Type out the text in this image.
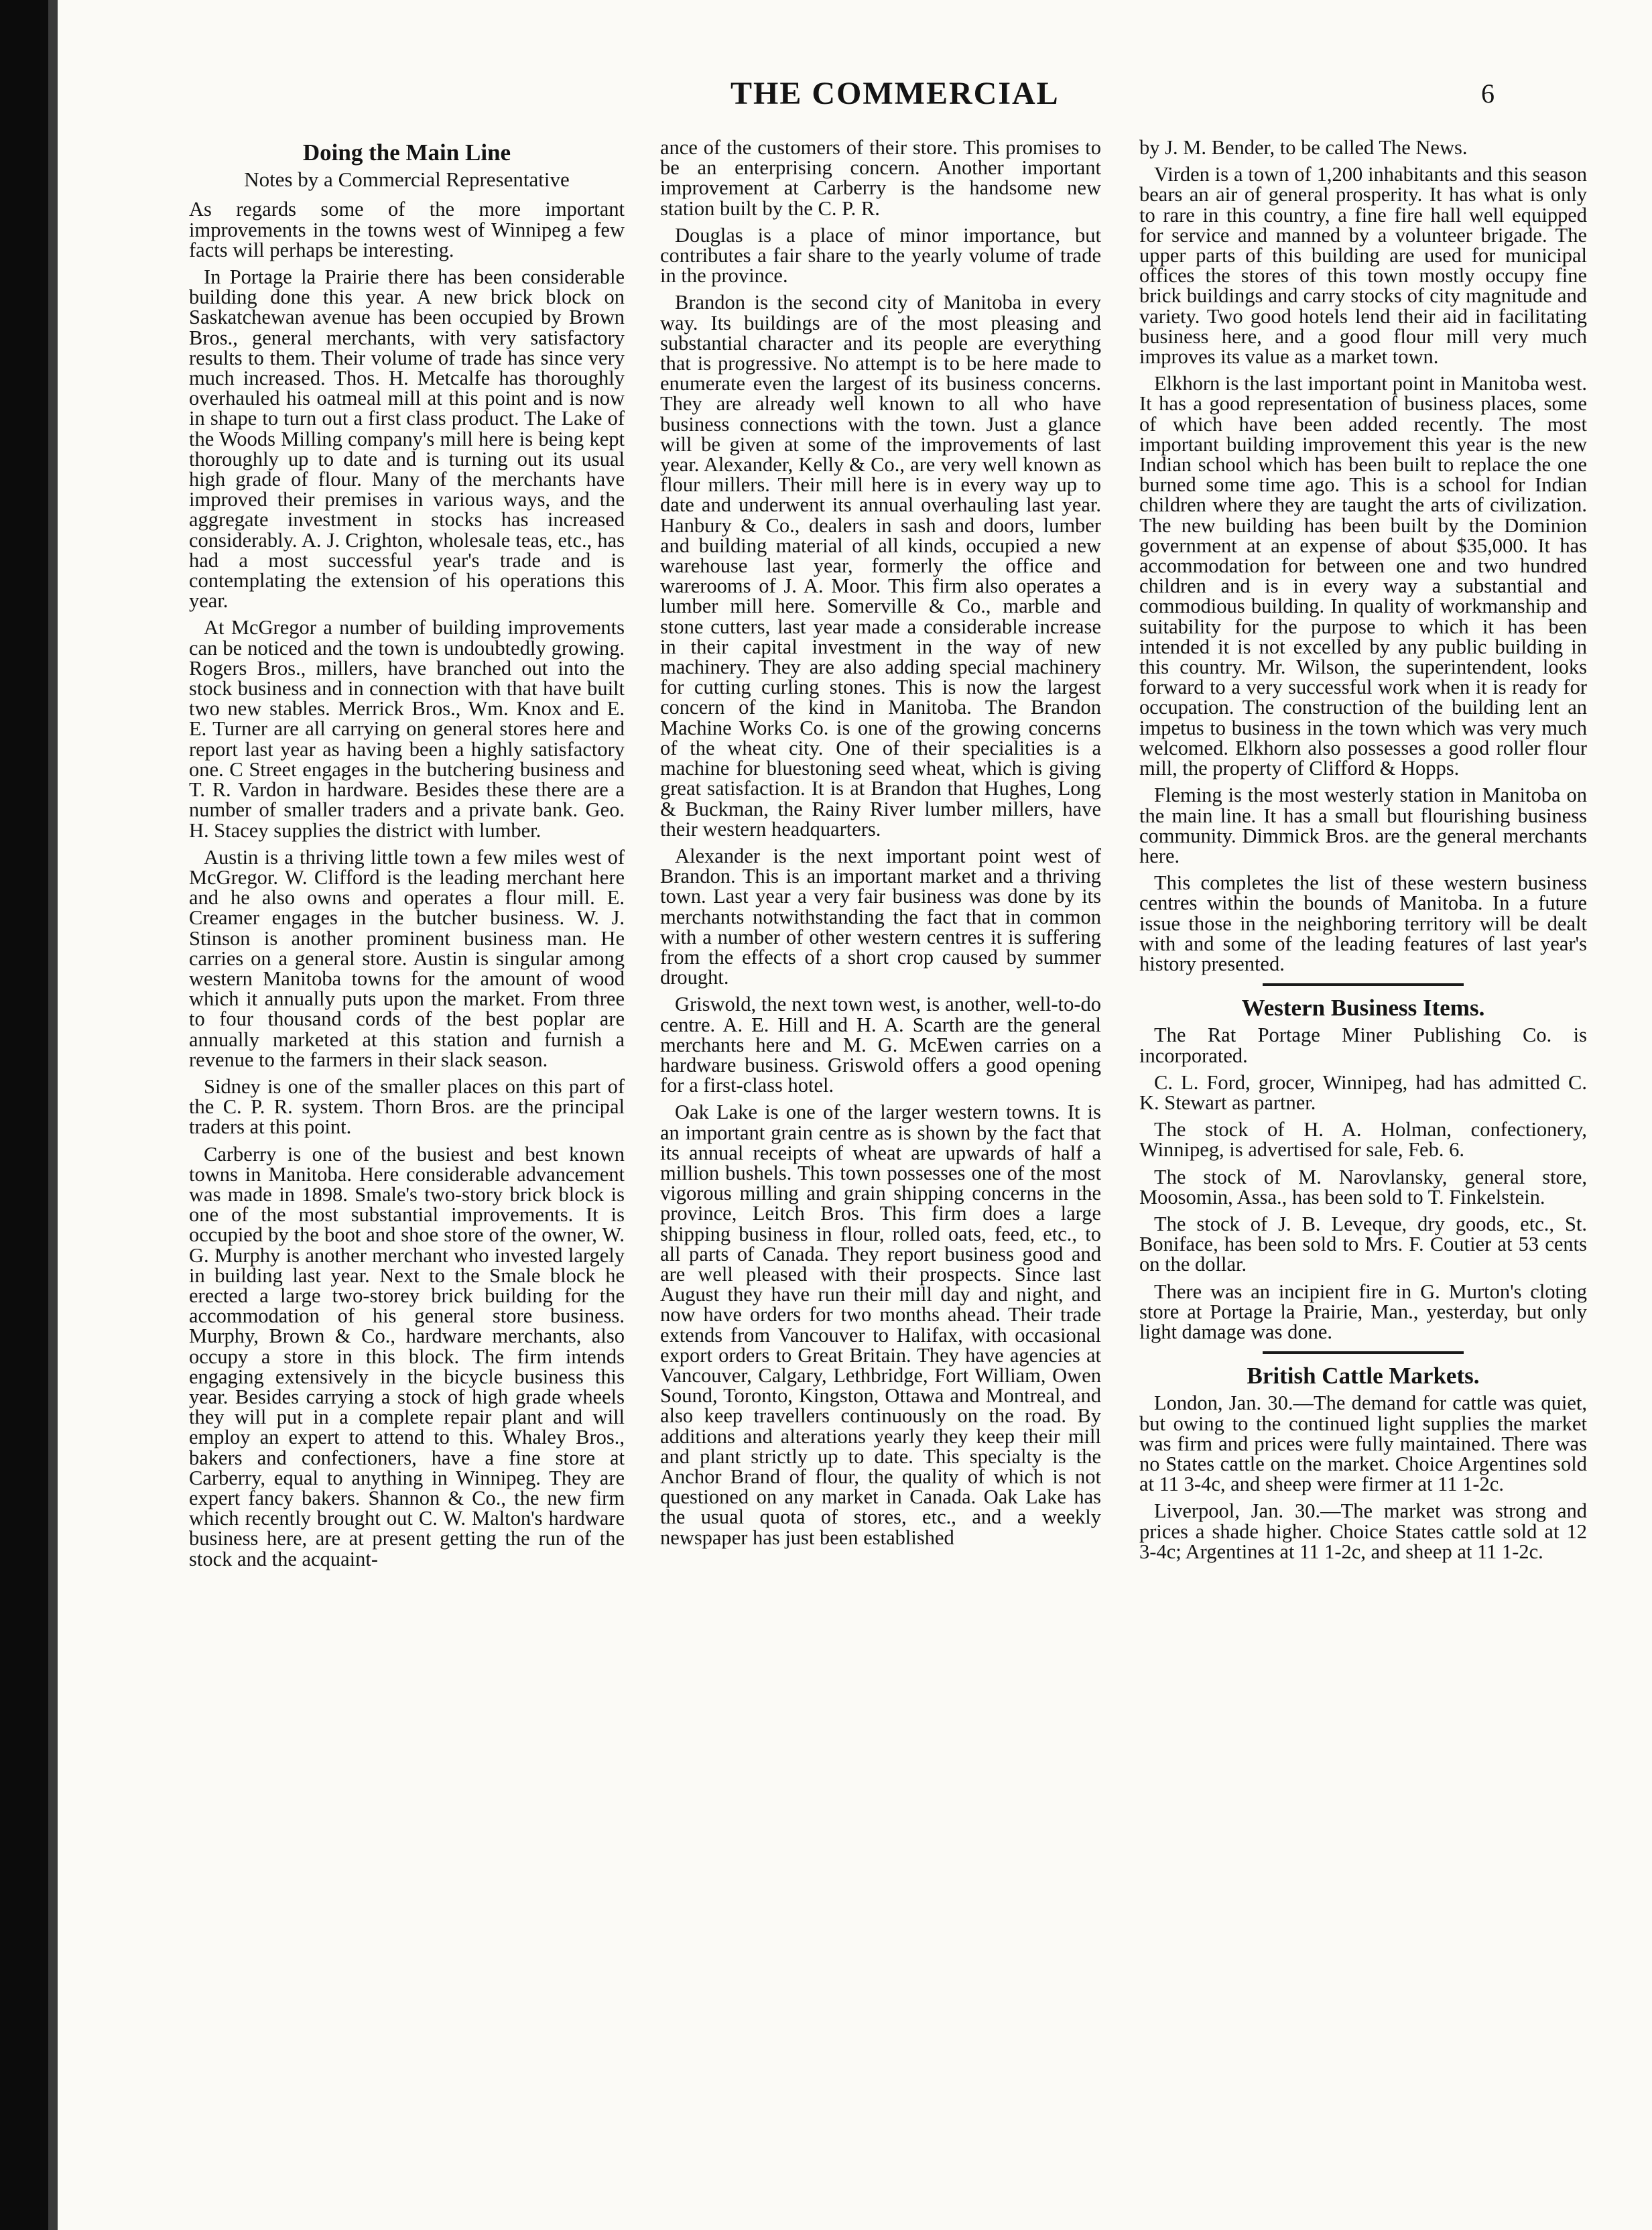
THE COMMERCIAL	6
Doing the Main Line
Notes by a Commercial Representative

As regards some of the more important improvements in the towns west of Winnipeg a few facts will perhaps be interesting.

In Portage la Prairie there has been considerable building done this year. A new brick block on Saskatchewan avenue has been occupied by Brown Bros., general merchants, with very satisfactory results to them. Their volume of trade has since very much increased. Thos. H. Metcalfe has thoroughly overhauled his oatmeal mill at this point and is now in shape to turn out a first class product. The Lake of the Woods Milling company's mill here is being kept thoroughly up to date and is turning out its usual high grade of flour. Many of the merchants have improved their premises in various ways, and the aggregate investment in stocks has increased considerably. A. J. Crighton, wholesale teas, etc., has had a most successful year's trade and is contemplating the extension of his operations this year.

At McGregor a number of building improvements can be noticed and the town is undoubtedly growing. Rogers Bros., millers, have branched out into the stock business and in connection with that have built two new stables. Merrick Bros., Wm. Knox and E. E. Turner are all carrying on general stores here and report last year as having been a highly satisfactory one. C Street engages in the butchering business and T. R. Vardon in hardware. Besides these there are a number of smaller traders and a private bank. Geo. H. Stacey supplies the district with lumber.

Austin is a thriving little town a few miles west of McGregor. W. Clifford is the leading merchant here and he also owns and operates a flour mill. E. Creamer engages in the butcher business. W. J. Stinson is another prominent business man. He carries on a general store. Austin is singular among western Manitoba towns for the amount of wood which it annually puts upon the market. From three to four thousand cords of the best poplar are annually marketed at this station and furnish a revenue to the farmers in their slack season.

Sidney is one of the smaller places on this part of the C. P. R. system. Thorn Bros. are the principal traders at this point.

Carberry is one of the busiest and best known towns in Manitoba. Here considerable advancement was made in 1898. Smale's two-story brick block is one of the most substantial improvements. It is occupied by the boot and shoe store of the owner, W. G. Murphy is another merchant who invested largely in building last year. Next to the Smale block he erected a large two-storey brick building for the accommodation of his general store business. Murphy, Brown & Co., hardware merchants, also occupy a store in this block. The firm intends engaging extensively in the bicycle business this year. Besides carrying a stock of high grade wheels they will put in a complete repair plant and will employ an expert to attend to this. Whaley Bros., bakers and confectioners, have a fine store at Carberry, equal to anything in Winnipeg. They are expert fancy bakers. Shannon & Co., the new firm which recently brought out C. W. Malton's hardware business here, are at present getting the run of the stock and the acquaint-

ance of the customers of their store. This promises to be an enterprising concern. Another important improvement at Carberry is the handsome new station built by the C. P. R.

Douglas is a place of minor importance, but contributes a fair share to the yearly volume of trade in the province.

Brandon is the second city of Manitoba in every way. Its buildings are of the most pleasing and substantial character and its people are everything that is progressive. No attempt is to be here made to enumerate even the largest of its business concerns. They are already well known to all who have business connections with the town. Just a glance will be given at some of the improvements of last year. Alexander, Kelly & Co., are very well known as flour millers. Their mill here is in every way up to date and underwent its annual overhauling last year. Hanbury & Co., dealers in sash and doors, lumber and building material of all kinds, occupied a new warehouse last year, formerly the office and warerooms of J. A. Moor. This firm also operates a lumber mill here. Somerville & Co., marble and stone cutters, last year made a considerable increase in their capital investment in the way of new machinery. They are also adding special machinery for cutting curling stones. This is now the largest concern of the kind in Manitoba. The Brandon Machine Works Co. is one of the growing concerns of the wheat city. One of their specialities is a machine for bluestoning seed wheat, which is giving great satisfaction. It is at Brandon that Hughes, Long & Buckman, the Rainy River lumber millers, have their western headquarters.

Alexander is the next important point west of Brandon. This is an important market and a thriving town. Last year a very fair business was done by its merchants notwithstanding the fact that in common with a number of other western centres it is suffering from the effects of a short crop caused by summer drought.

Griswold, the next town west, is another, well-to-do centre. A. E. Hill and H. A. Scarth are the general merchants here and M. G. McEwen carries on a hardware business. Griswold offers a good opening for a first-class hotel.

Oak Lake is one of the larger western towns. It is an important grain centre as is shown by the fact that its annual receipts of wheat are upwards of half a million bushels. This town possesses one of the most vigorous milling and grain shipping concerns in the province, Leitch Bros. This firm does a large shipping business in flour, rolled oats, feed, etc., to all parts of Canada. They report business good and are well pleased with their prospects. Since last August they have run their mill day and night, and now have orders for two months ahead. Their trade extends from Vancouver to Halifax, with occasional export orders to Great Britain. They have agencies at Vancouver, Calgary, Lethbridge, Fort William, Owen Sound, Toronto, Kingston, Ottawa and Montreal, and also keep travellers continuously on the road. By additions and alterations yearly they keep their mill and plant strictly up to date. This specialty is the Anchor Brand of flour, the quality of which is not questioned on any market in Canada. Oak Lake has the usual quota of stores, etc., and a weekly newspaper has just been established

by J. M. Bender, to be called The News.

Virden is a town of 1,200 inhabitants and this season bears an air of general prosperity. It has what is only to rare in this country, a fine fire hall well equipped for service and manned by a volunteer brigade. The upper parts of this building are used for municipal offices the stores of this town mostly occupy fine brick buildings and carry stocks of city magnitude and variety. Two good hotels lend their aid in facilitating business here, and a good flour mill very much improves its value as a market town.

Elkhorn is the last important point in Manitoba west. It has a good representation of business places, some of which have been added recently. The most important building improvement this year is the new Indian school which has been built to replace the one burned some time ago. This is a school for Indian children where they are taught the arts of civilization. The new building has been built by the Dominion government at an expense of about $35,000. It has accommodation for between one and two hundred children and is in every way a substantial and commodious building. In quality of workmanship and suitability for the purpose to which it has been intended it is not excelled by any public building in this country. Mr. Wilson, the superintendent, looks forward to a very successful work when it is ready for occupation. The construction of the building lent an impetus to business in the town which was very much welcomed. Elkhorn also possesses a good roller flour mill, the property of Clifford & Hopps.

Fleming is the most westerly station in Manitoba on the main line. It has a small but flourishing business community. Dimmick Bros. are the general merchants here.

This completes the list of these western business centres within the bounds of Manitoba. In a future issue those in the neighboring territory will be dealt with and some of the leading features of last year's history presented.

Western Business Items.

The Rat Portage Miner Publishing Co. is incorporated.

C. L. Ford, grocer, Winnipeg, had has admitted C. K. Stewart as partner.

The stock of H. A. Holman, confectionery, Winnipeg, is advertised for sale, Feb. 6.

The stock of M. Narovlansky, general store, Moosomin, Assa., has been sold to T. Finkelstein.

The stock of J. B. Leveque, dry goods, etc., St. Boniface, has been sold to Mrs. F. Coutier at 53 cents on the dollar.

There was an incipient fire in G. Murton's cloting store at Portage la Prairie, Man., yesterday, but only light damage was done.

British Cattle Markets.

London, Jan. 30.—The demand for cattle was quiet, but owing to the continued light supplies the market was firm and prices were fully maintained. There was no States cattle on the market. Choice Argentines sold at 11 3-4c, and sheep were firmer at 11 1-2c.

Liverpool, Jan. 30.—The market was strong and prices a shade higher. Choice States cattle sold at 12 3-4c; Argentines at 11 1-2c, and sheep at 11 1-2c.
